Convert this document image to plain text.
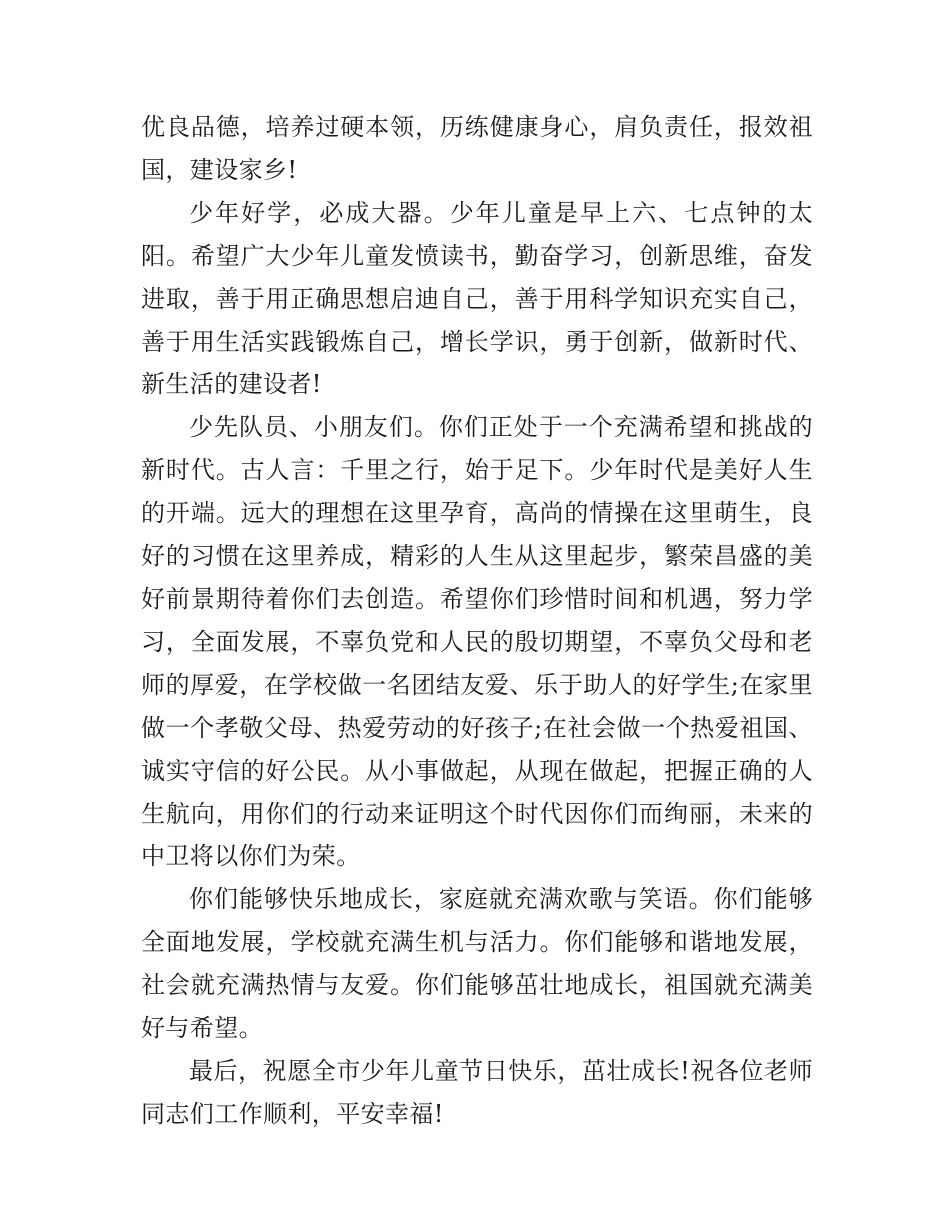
优良品德，培养过硬本领，历练健康身心，肩负责任，报效祖国，建设家乡!

少年好学，必成大器。少年儿童是早上六、七点钟的太阳。希望广大少年儿童发愤读书，勤奋学习，创新思维，奋发进取，善于用正确思想启迪自己，善于用科学知识充实自己，善于用生活实践锻炼自己，增长学识，勇于创新，做新时代、新生活的建设者!

少先队员、小朋友们。你们正处于一个充满希望和挑战的新时代。古人言：千里之行，始于足下。少年时代是美好人生的开端。远大的理想在这里孕育，高尚的情操在这里萌生，良好的习惯在这里养成，精彩的人生从这里起步，繁荣昌盛的美好前景期待着你们去创造。希望你们珍惜时间和机遇，努力学习，全面发展，不辜负党和人民的殷切期望，不辜负父母和老师的厚爱，在学校做一名团结友爱、乐于助人的好学生;在家里做一个孝敬父母、热爱劳动的好孩子;在社会做一个热爱祖国、诚实守信的好公民。从小事做起，从现在做起，把握正确的人生航向，用你们的行动来证明这个时代因你们而绚丽，未来的中卫将以你们为荣。

你们能够快乐地成长，家庭就充满欢歌与笑语。你们能够全面地发展，学校就充满生机与活力。你们能够和谐地发展，社会就充满热情与友爱。你们能够茁壮地成长，祖国就充满美好与希望。

最后，祝愿全市少年儿童节日快乐，茁壮成长!祝各位老师同志们工作顺利，平安幸福!
